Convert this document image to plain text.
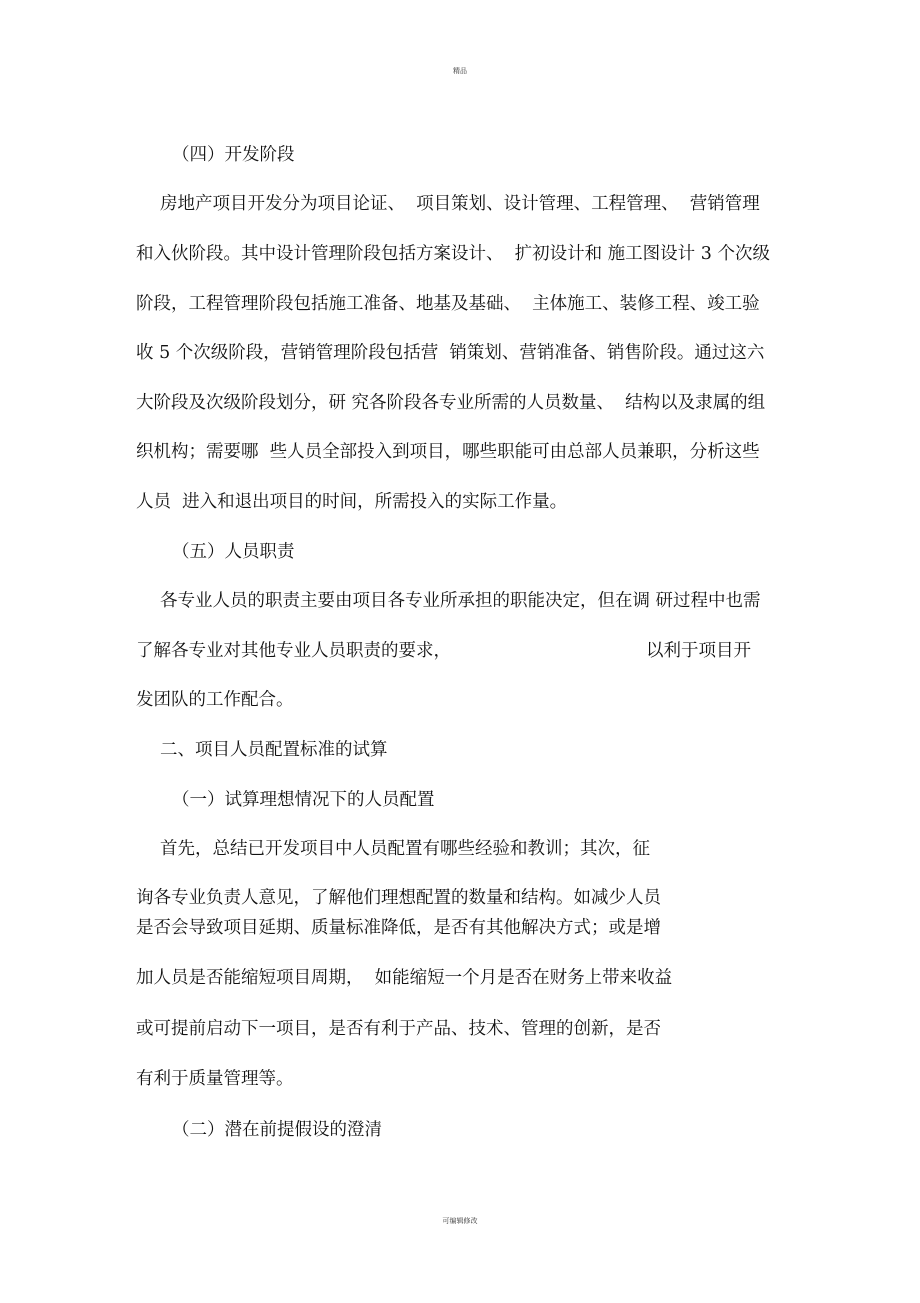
精品
（四）开发阶段
房地产项目开发分为项目论证、  项目策划、设计管理、工程管理、  营销管理
和入伙阶段。其中设计管理阶段包括方案设计、  扩初设计和 施工图设计 3 个次级
阶段，工程管理阶段包括施工准备、地基及基础、  主体施工、装修工程、竣工验
收 5 个次级阶段，营销管理阶段包括营  销策划、营销准备、销售阶段。通过这六
大阶段及次级阶段划分，研 究各阶段各专业所需的人员数量、  结构以及隶属的组
织机构；需要哪  些人员全部投入到项目，哪些职能可由总部人员兼职，分析这些
人员  进入和退出项目的时间，所需投入的实际工作量。
（五）人员职责
各专业人员的职责主要由项目各专业所承担的职能决定，但在调 研过程中也需
了解各专业对其他专业人员职责的要求，	以利于项目开
发团队的工作配合。
二、项目人员配置标准的试算
（一）试算理想情况下的人员配置
首先，总结已开发项目中人员配置有哪些经验和教训；其次，征
询各专业负责人意见，了解他们理想配置的数量和结构。如减少人员
是否会导致项目延期、质量标准降低，是否有其他解决方式；或是增
加人员是否能缩短项目周期，  如能缩短一个月是否在财务上带来收益
或可提前启动下一项目，是否有利于产品、技术、管理的创新，是否
有利于质量管理等。
（二）潜在前提假设的澄清
可编辑修改
